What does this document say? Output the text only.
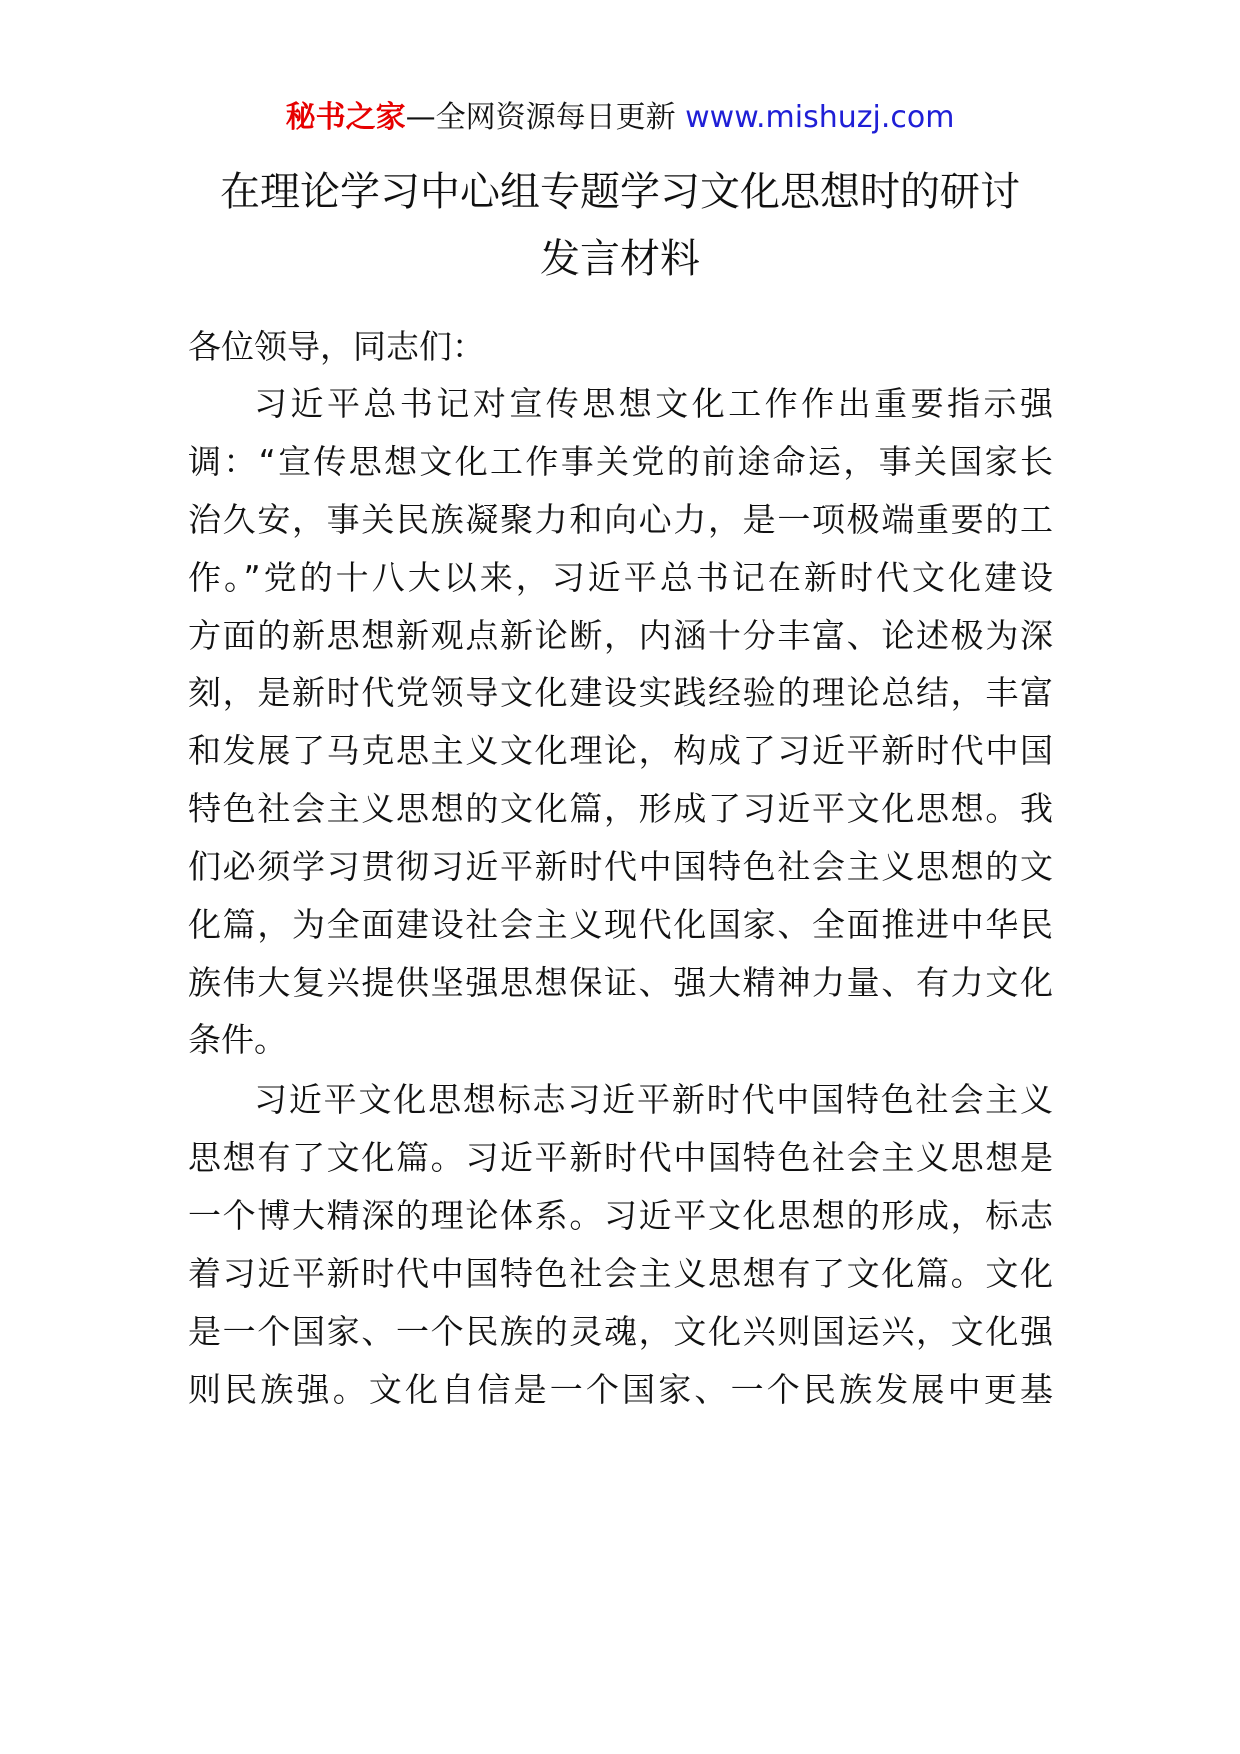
秘书之家—全网资源每日更新 www.mishuzj.com
在理论学习中心组专题学习文化思想时的研讨
发言材料
各位领导，同志们：
习近平总书记对宣传思想文化工作作出重要指示强
调：“宣传思想文化工作事关党的前途命运，事关国家长
治久安，事关民族凝聚力和向心力，是一项极端重要的工
作。”党的十八大以来，习近平总书记在新时代文化建设
方面的新思想新观点新论断，内涵十分丰富、论述极为深
刻，是新时代党领导文化建设实践经验的理论总结，丰富
和发展了马克思主义文化理论，构成了习近平新时代中国
特色社会主义思想的文化篇，形成了习近平文化思想。我
们必须学习贯彻习近平新时代中国特色社会主义思想的文
化篇，为全面建设社会主义现代化国家、全面推进中华民
族伟大复兴提供坚强思想保证、强大精神力量、有力文化
条件。
习近平文化思想标志习近平新时代中国特色社会主义
思想有了文化篇。习近平新时代中国特色社会主义思想是
一个博大精深的理论体系。习近平文化思想的形成，标志
着习近平新时代中国特色社会主义思想有了文化篇。文化
是一个国家、一个民族的灵魂，文化兴则国运兴，文化强
则民族强。文化自信是一个国家、一个民族发展中更基
